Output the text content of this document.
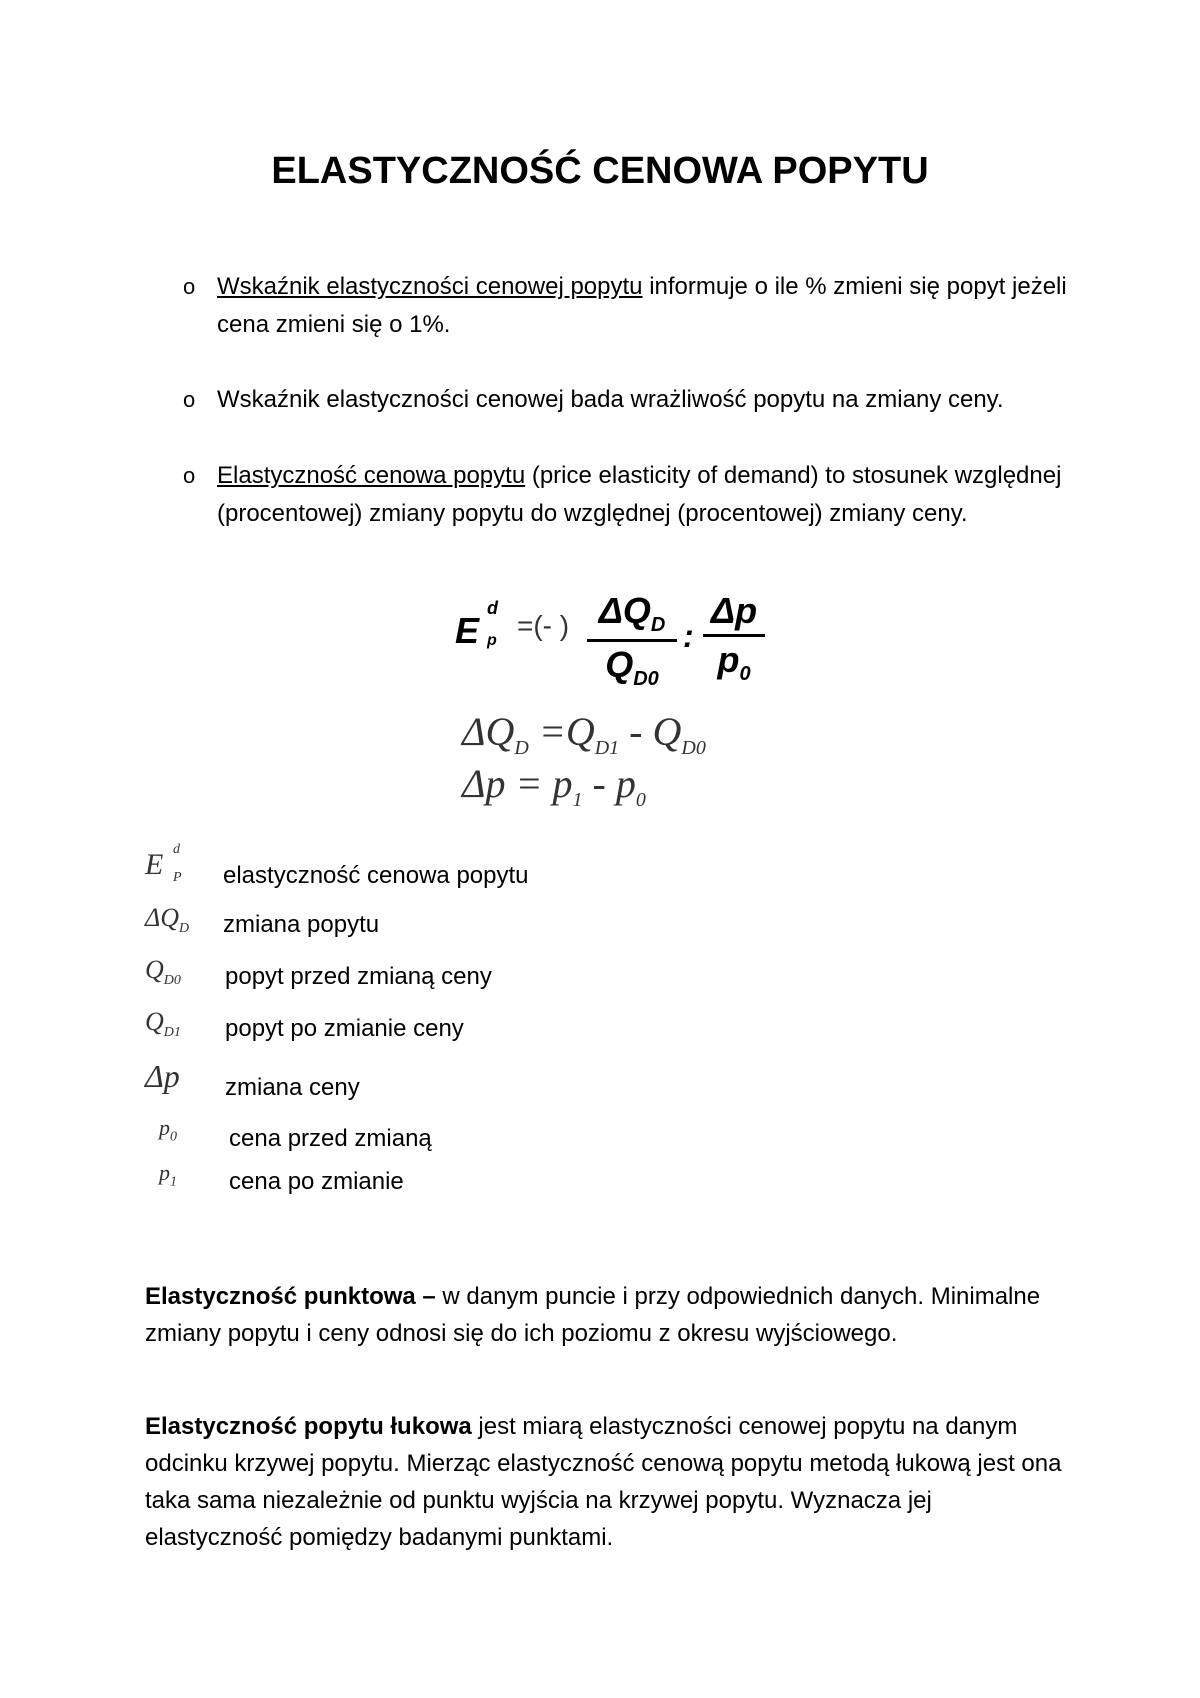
ELASTYCZNOŚĆ CENOWA POPYTU
o Wskaźnik elastyczności cenowej popytu informuje o ile % zmieni się popyt jeżeli cena zmieni się o 1%.
o Wskaźnik elastyczności cenowej bada wrażliwość popytu na zmiany ceny.
o Elastyczność cenowa popytu (price elasticity of demand) to stosunek względnej (procentowej) zmiany popytu do względnej (procentowej) zmiany ceny.
E
d
p =(- ) $\Delta Q_D$
$Q_{D0}$
: $\frac{\Delta p}{p_0}$
$\Delta Q_D =Q_{D1} - Q_{D0}$
$\Delta p = p_1 - p_0$
E d
P elastyczność cenowa popytu
$\Delta Q_D$ zmiana popytu
$Q_{D0}$ popyt przed zmianą ceny
$Q_{D1}$ popyt po zmianie ceny
Δp zmiana ceny
$p_0$ cena przed zmianą
$p_1$ cena po zmianie
Elastyczność punktowa – w danym puncie i przy odpowiednich danych. Minimalne zmiany popytu i ceny odnosi się do ich poziomu z okresu wyjściowego.
Elastyczność popytu łukowa jest miarą elastyczności cenowej popytu na danym odcinku krzywej popytu. Mierząc elastyczność cenową popytu metodą łukową jest ona taka sama niezależnie od punktu wyjścia na krzywej popytu. Wyznacza jej elastyczność pomiędzy badanymi punktami.
